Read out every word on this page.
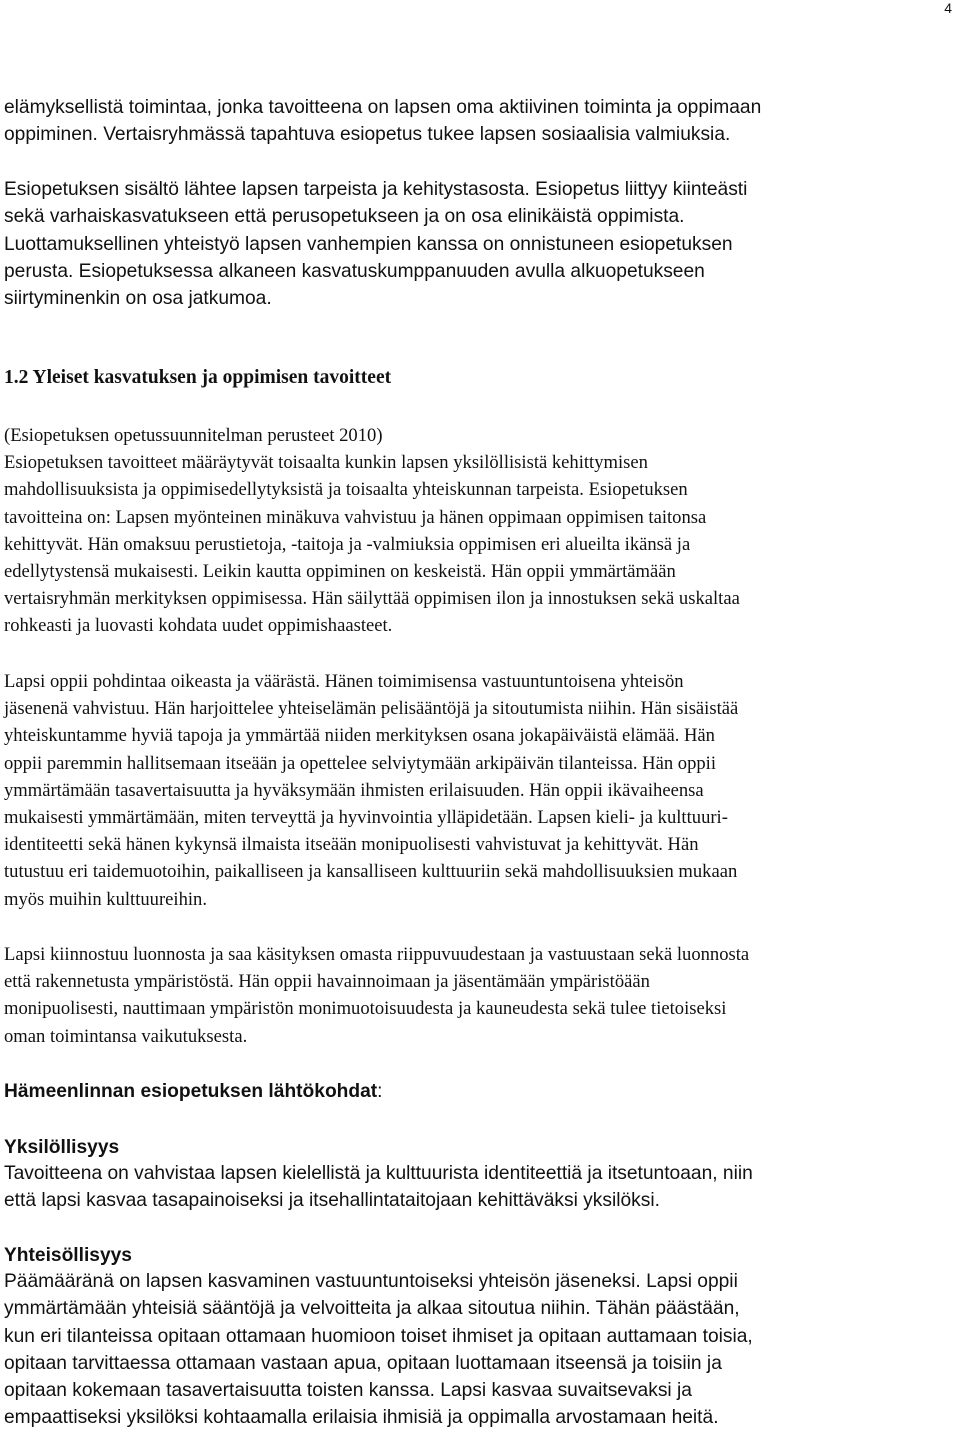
4
elämyksellistä toimintaa, jonka tavoitteena on lapsen oma aktiivinen toiminta ja oppimaan
oppiminen. Vertaisryhmässä tapahtuva esiopetus tukee lapsen sosiaalisia valmiuksia.
Esiopetuksen sisältö lähtee lapsen tarpeista ja kehitystasosta. Esiopetus liittyy kiinteästi
sekä varhaiskasvatukseen että perusopetukseen ja on osa elinikäistä oppimista.
Luottamuksellinen yhteistyö lapsen vanhempien kanssa on onnistuneen esiopetuksen
perusta. Esiopetuksessa alkaneen kasvatuskumppanuuden avulla alkuopetukseen
siirtyminenkin on osa jatkumoa.
1.2 Yleiset kasvatuksen ja oppimisen tavoitteet
(Esiopetuksen opetussuunnitelman perusteet 2010)
Esiopetuksen tavoitteet määräytyvät toisaalta kunkin lapsen yksilöllisistä kehittymisen
mahdollisuuksista ja oppimisedellytyksistä ja toisaalta yhteiskunnan tarpeista. Esiopetuksen
tavoitteina on: Lapsen myönteinen minäkuva vahvistuu ja hänen oppimaan oppimisen taitonsa
kehittyvät. Hän omaksuu perustietoja, -taitoja ja -valmiuksia oppimisen eri alueilta ikänsä ja
edellytystensä mukaisesti. Leikin kautta oppiminen on keskeistä. Hän oppii ymmärtämään
vertaisryhmän merkityksen oppimisessa. Hän säilyttää oppimisen ilon ja innostuksen sekä uskaltaa
rohkeasti ja luovasti kohdata uudet oppimishaasteet.
Lapsi oppii pohdintaa oikeasta ja väärästä. Hänen toimimisensa vastuuntuntoisena yhteisön
jäsenenä vahvistuu. Hän harjoittelee yhteiselämän pelisääntöjä ja sitoutumista niihin. Hän sisäistää
yhteiskuntamme hyviä tapoja ja ymmärtää niiden merkityksen osana jokapäiväistä elämää. Hän
oppii paremmin hallitsemaan itseään ja opettelee selviytymään arkipäivän tilanteissa. Hän oppii
ymmärtämään tasavertaisuutta ja hyväksymään ihmisten erilaisuuden. Hän oppii ikävaiheensa
mukaisesti ymmärtämään, miten terveyttä ja hyvinvointia ylläpidetään. Lapsen kieli- ja kulttuuri-
identiteetti sekä hänen kykynsä ilmaista itseään monipuolisesti vahvistuvat ja kehittyvät. Hän
tutustuu eri taidemuotoihin, paikalliseen ja kansalliseen kulttuuriin sekä mahdollisuuksien mukaan
myös muihin kulttuureihin.
Lapsi kiinnostuu luonnosta ja saa käsityksen omasta riippuvuudestaan ja vastuustaan sekä luonnosta
että rakennetusta ympäristöstä. Hän oppii havainnoimaan ja jäsentämään ympäristöään
monipuolisesti, nauttimaan ympäristön monimuotoisuudesta ja kauneudesta sekä tulee tietoiseksi
oman toimintansa vaikutuksesta.
Hämeenlinnan esiopetuksen lähtökohdat:
Yksilöllisyys
Tavoitteena on vahvistaa lapsen kielellistä ja kulttuurista identiteettiä ja itsetuntoaan, niin
että lapsi kasvaa tasapainoiseksi ja itsehallintataitojaan kehittäväksi yksilöksi.
Yhteisöllisyys
Päämääränä on lapsen kasvaminen vastuuntuntoiseksi yhteisön jäseneksi. Lapsi oppii
ymmärtämään yhteisiä sääntöjä ja velvoitteita ja alkaa sitoutua niihin. Tähän päästään,
kun eri tilanteissa opitaan ottamaan huomioon toiset ihmiset ja opitaan auttamaan toisia,
opitaan tarvittaessa ottamaan vastaan apua, opitaan luottamaan itseensä ja toisiin ja
opitaan kokemaan tasavertaisuutta toisten kanssa. Lapsi kasvaa suvaitsevaksi ja
empaattiseksi yksilöksi kohtaamalla erilaisia ihmisiä ja oppimalla arvostamaan heitä.
